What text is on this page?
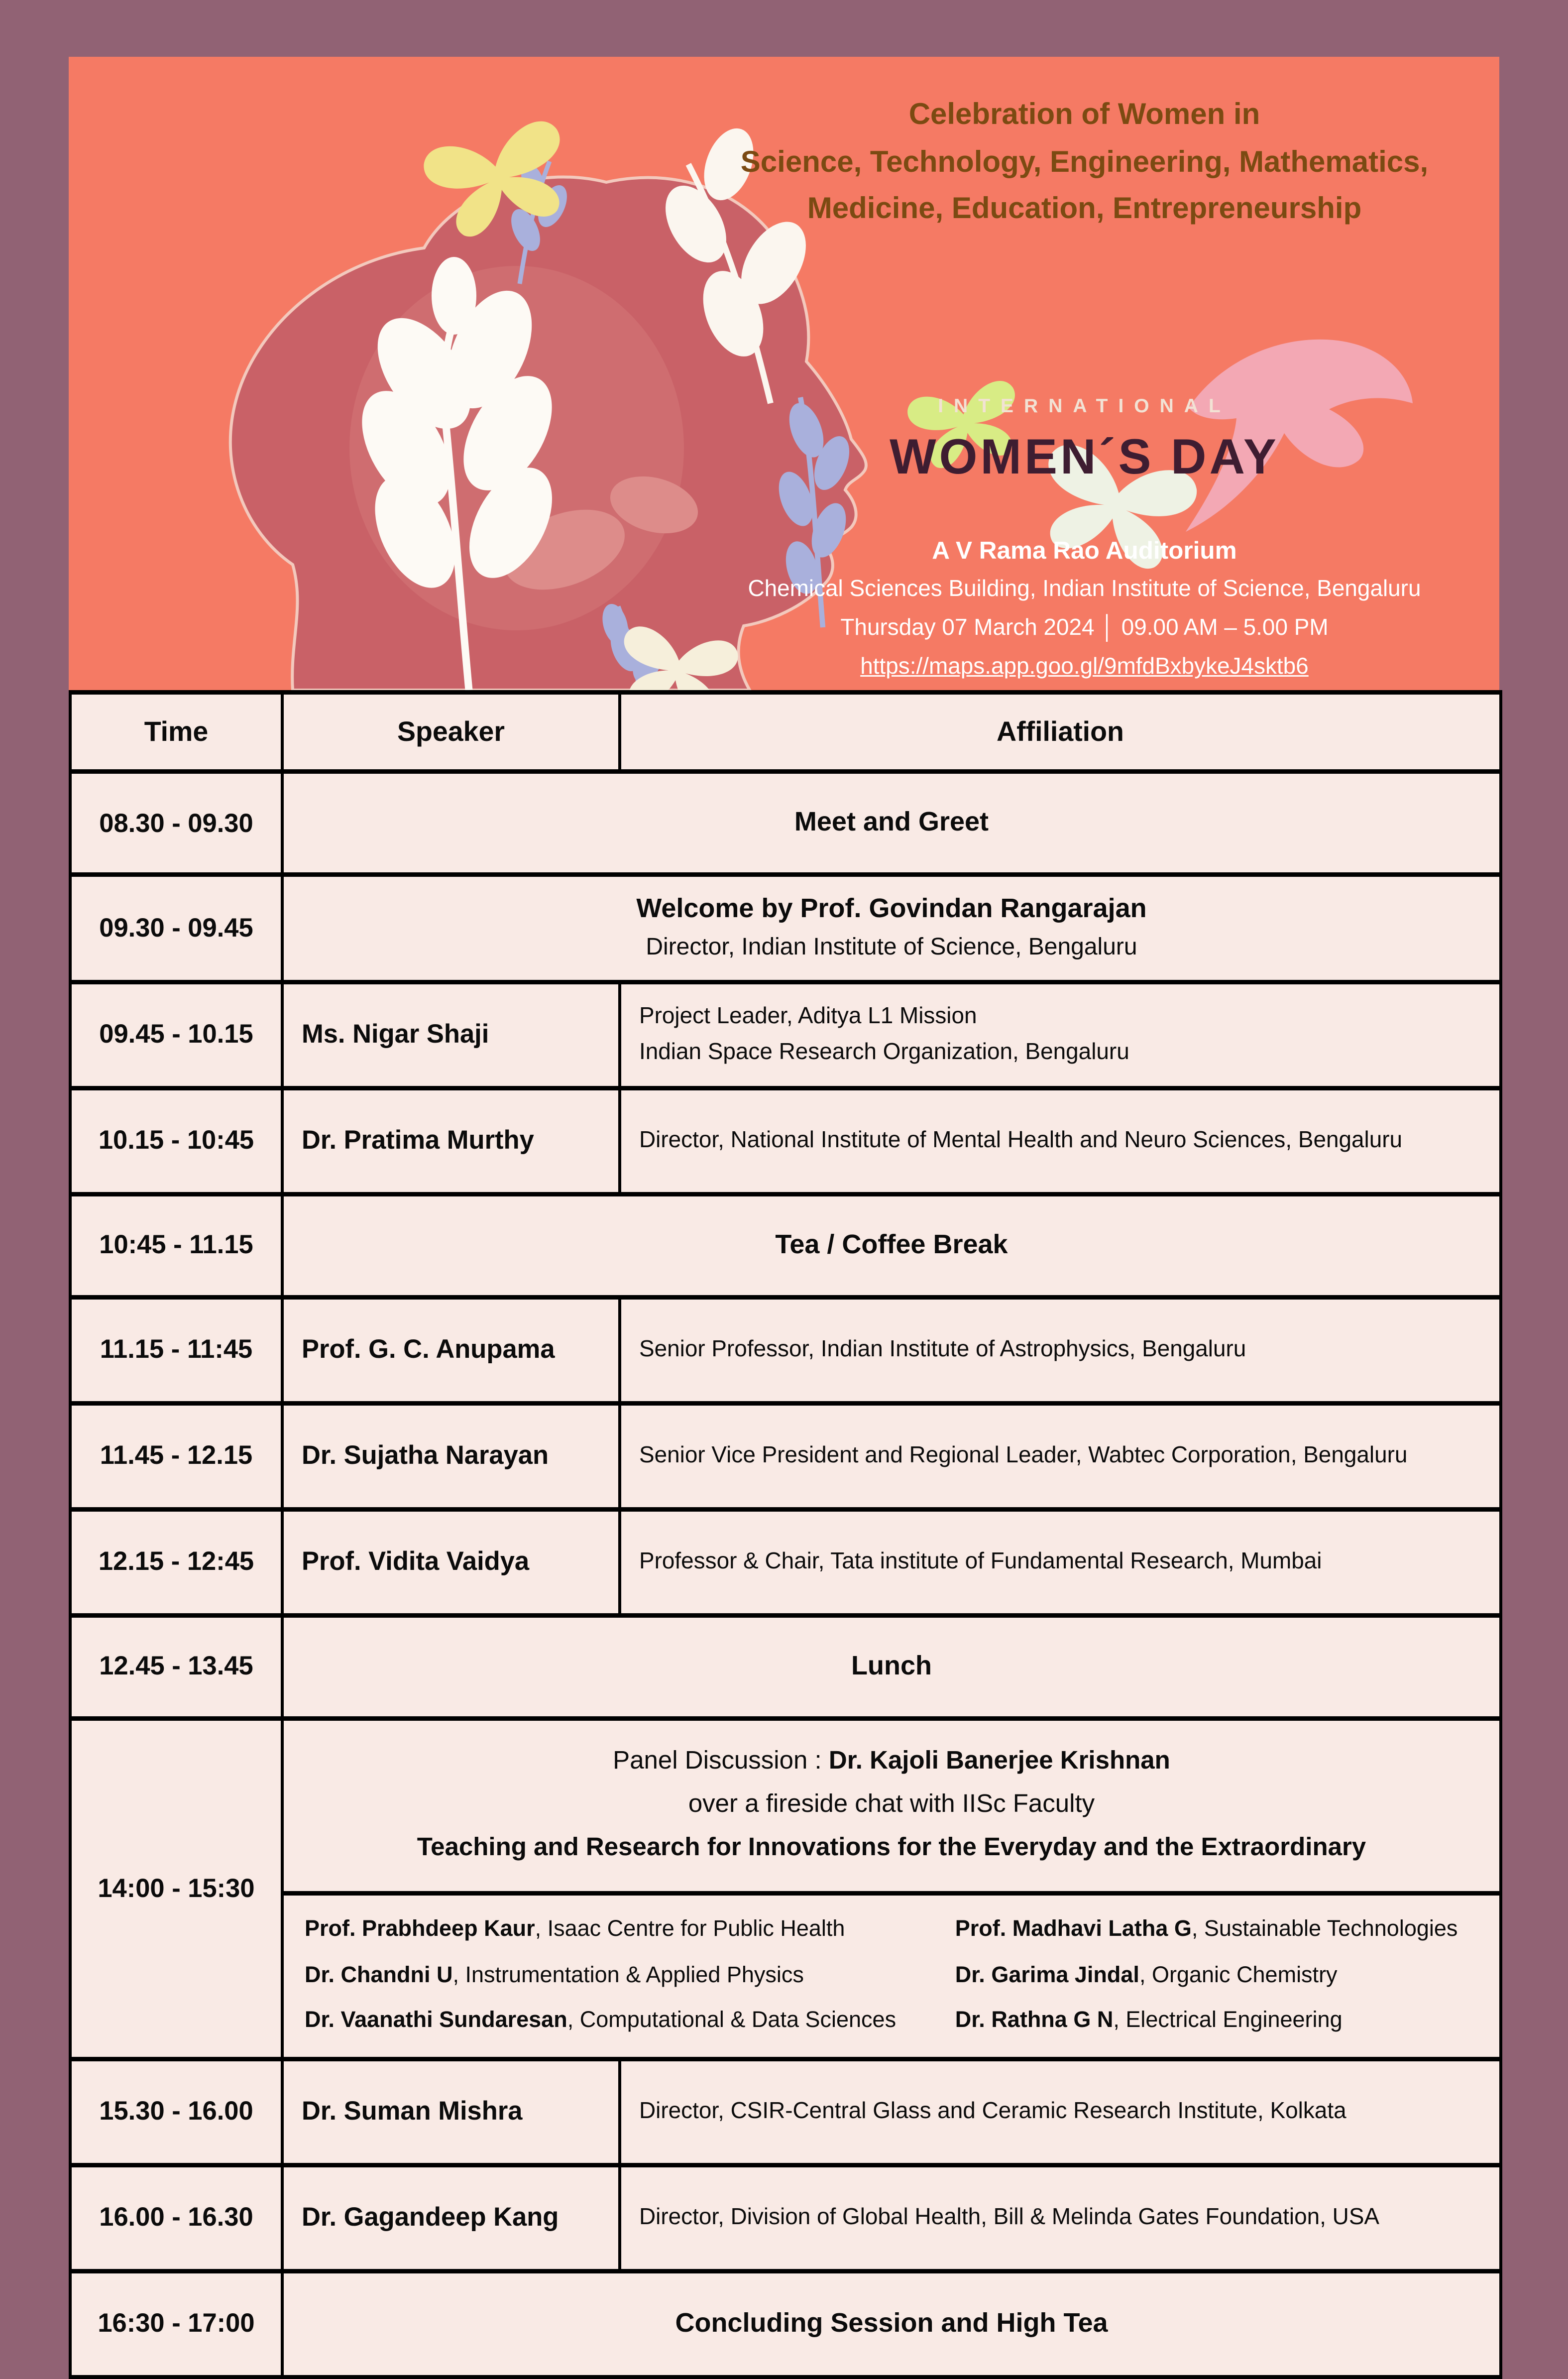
Celebration of Women in
Science, Technology, Engineering, Mathematics,
Medicine, Education, Entrepreneurship
INTERNATIONAL
WOMEN´S DAY
A V Rama Rao Auditorium
Chemical Sciences Building, Indian Institute of Science, Bengaluru
Thursday 07 March 2024 │ 09.00 AM – 5.00 PM
https://maps.app.goo.gl/9mfdBxbykeJ4sktb6
Time	Speaker	Affiliation
08.30 - 09.30	Meet and Greet	

09.30 - 09.45	Welcome by Prof. Govindan Rangarajan
Director, Indian Institute of Science, Bengaluru	

09.45 - 10.15	Ms. Nigar Shaji	Project Leader, Aditya L1 Mission
Indian Space Research Organization, Bengaluru

10.15 - 10:45	Dr. Pratima Murthy	Director, National Institute of Mental Health and Neuro Sciences, Bengaluru

10:45 - 11.15	Tea / Coffee Break	

11.15 - 11:45	Prof. G. C. Anupama	Senior Professor, Indian Institute of Astrophysics, Bengaluru

11.45 - 12.15	Dr. Sujatha Narayan	Senior Vice President and Regional Leader, Wabtec Corporation, Bengaluru

12.15 - 12:45	Prof. Vidita Vaidya	Professor & Chair, Tata institute of Fundamental Research, Mumbai

12.45 - 13.45	Lunch	

14:00 - 15:30	Panel Discussion : Dr. Kajoli Banerjee Krishnan
over a fireside chat with IISc Faculty
Teaching and Research for Innovations for the Everyday and the Extraordinary	

Prof. Prabhdeep Kaur, Isaac Centre for Public Health	Prof. Madhavi Latha G, Sustainable Technologies
Dr. Chandni U, Instrumentation & Applied Physics	Dr. Garima Jindal, Organic Chemistry
Dr. Vaanathi Sundaresan, Computational & Data Sciences	Dr. Rathna G N, Electrical Engineering

15.30 - 16.00	Dr. Suman Mishra	Director, CSIR-Central Glass and Ceramic Research Institute, Kolkata

16.00 - 16.30	Dr. Gagandeep Kang	Director, Division of Global Health, Bill & Melinda Gates Foundation, USA

16:30 - 17:00	Concluding Session and High Tea	
